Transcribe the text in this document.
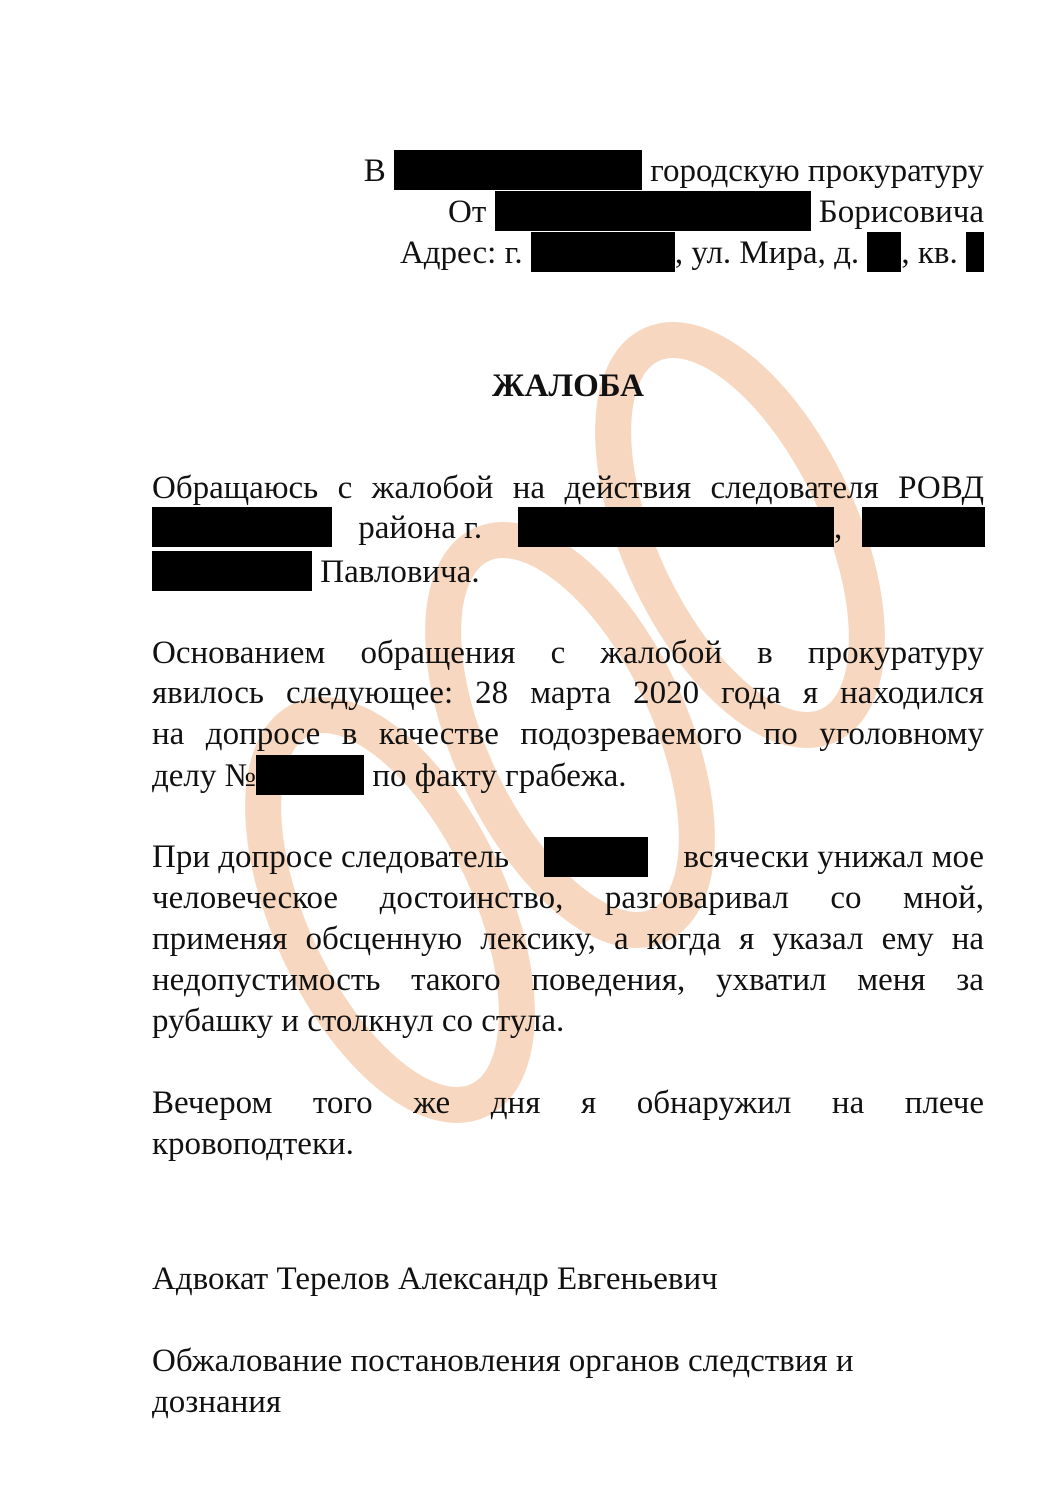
В	городскую прокуратуру
От	Борисовича
Адрес: г.	, ул. Мира, д. , кв.
ЖАЛОБА
Обращаюсь с жалобой на действия следователя РОВД
района г.	,
Павловича.
Основанием обращения с жалобой в прокуратуру
явилось следующее: 28 марта 2020 года я находился
на допросе в качестве подозреваемого по уголовному
делу №	по факту грабежа.
При допросе следователь	всячески унижал мое
человеческое достоинство, разговаривал со мной,
применяя обсценную лексику, а когда я указал ему на
недопустимость такого поведения, ухватил меня за
рубашку и столкнул со стула.
Вечером того же дня я обнаружил на плече
кровоподтеки.
Адвокат Терелов Александр Евгеньевич
Обжалование постановления органов следствия и
дознания
